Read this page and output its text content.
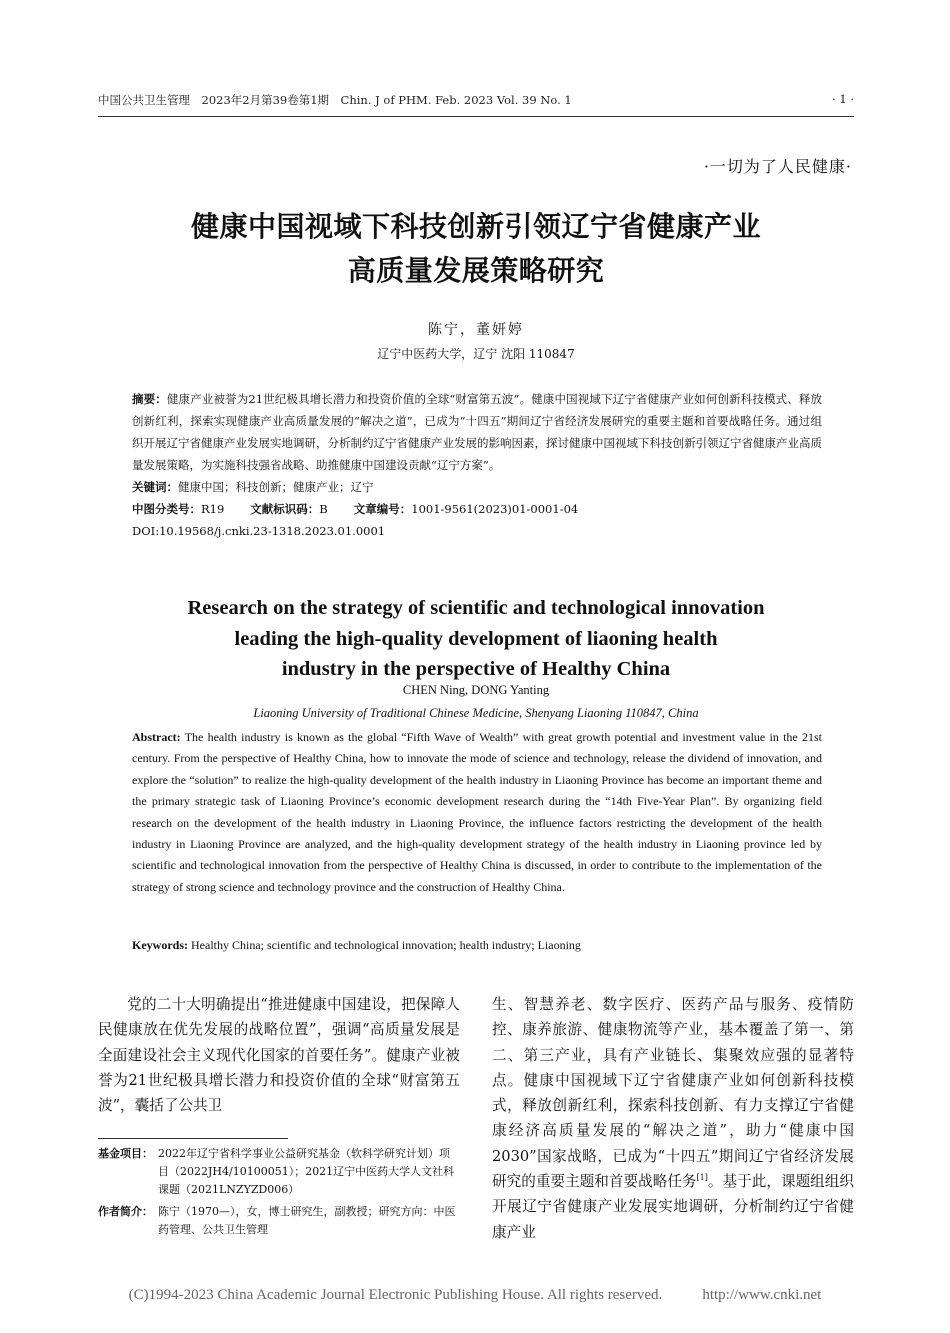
中国公共卫生管理　2023年2月第39卷第1期　Chin. J of PHM. Feb. 2023 Vol. 39 No. 1	· 1 ·
·一切为了人民健康·
健康中国视域下科技创新引领辽宁省健康产业
高质量发展策略研究
陈宁，董妍婷
辽宁中医药大学，辽宁 沈阳 110847

摘要：健康产业被誉为21世纪极具增长潜力和投资价值的全球“财富第五波”。健康中国视域下辽宁省健康产业如何创新科技模式、释放创新红利，探索实现健康产业高质量发展的“解决之道”，已成为“十四五”期间辽宁省经济发展研究的重要主题和首要战略任务。通过组织开展辽宁省健康产业发展实地调研，分析制约辽宁省健康产业发展的影响因素，探讨健康中国视域下科技创新引领辽宁省健康产业高质量发展策略，为实施科技强省战略、助推健康中国建设贡献“辽宁方案”。

关键词：健康中国；科技创新；健康产业；辽宁

中图分类号：R19 文献标识码：B 文章编号：1001-9561(2023)01-0001-04

DOI:10.19568/j.cnki.23-1318.2023.01.0001

Research on the strategy of scientific and technological innovation
leading the high-quality development of liaoning health
industry in the perspective of Healthy China
CHEN Ning, DONG Yanting
Liaoning University of Traditional Chinese Medicine, Shenyang Liaoning 110847, China
Abstract: The health industry is known as the global “Fifth Wave of Wealth” with great growth potential and investment value in the 21st century. From the perspective of Healthy China, how to innovate the mode of science and technology, release the dividend of innovation, and explore the “solution” to realize the high-quality development of the health industry in Liaoning Province has become an important theme and the primary strategic task of Liaoning Province’s economic development research during the “14th Five-Year Plan”. By organizing field research on the development of the health industry in Liaoning Province, the influence factors restricting the development of the health industry in Liaoning Province are analyzed, and the high-quality development strategy of the health industry in Liaoning province led by scientific and technological innovation from the perspective of Healthy China is discussed, in order to contribute to the implementation of the strategy of strong science and technology province and the construction of Healthy China.
Keywords: Healthy China; scientific and technological innovation; health industry; Liaoning

党的二十大明确提出“推进健康中国建设，把保障人民健康放在优先发展的战略位置”，强调“高质量发展是全面建设社会主义现代化国家的首要任务”。健康产业被誉为21世纪极具增长潜力和投资价值的全球“财富第五波”，囊括了公共卫

生、智慧养老、数字医疗、医药产品与服务、疫情防控、康养旅游、健康物流等产业，基本覆盖了第一、第二、第三产业，具有产业链长、集聚效应强的显著特点。健康中国视域下辽宁省健康产业如何创新科技模式，释放创新红利，探索科技创新、有力支撑辽宁省健康经济高质量发展的“解决之道”，助力“健康中国2030”国家战略，已成为“十四五”期间辽宁省经济发展研究的重要主题和首要战略任务[1]。基于此，课题组组织开展辽宁省健康产业发展实地调研，分析制约辽宁省健康产业

基金项目： 2022年辽宁省科学事业公益研究基金（软科学研究计划）项目（2022JH4/10100051）；2021辽宁中医药大学人文社科课题（2021LNZYZD006）
作者简介： 陈宁（1970—），女，博士研究生，副教授；研究方向：中医药管理、公共卫生管理
(C)1994-2023 China Academic Journal Electronic Publishing House. All rights reserved.	http://www.cnki.net
